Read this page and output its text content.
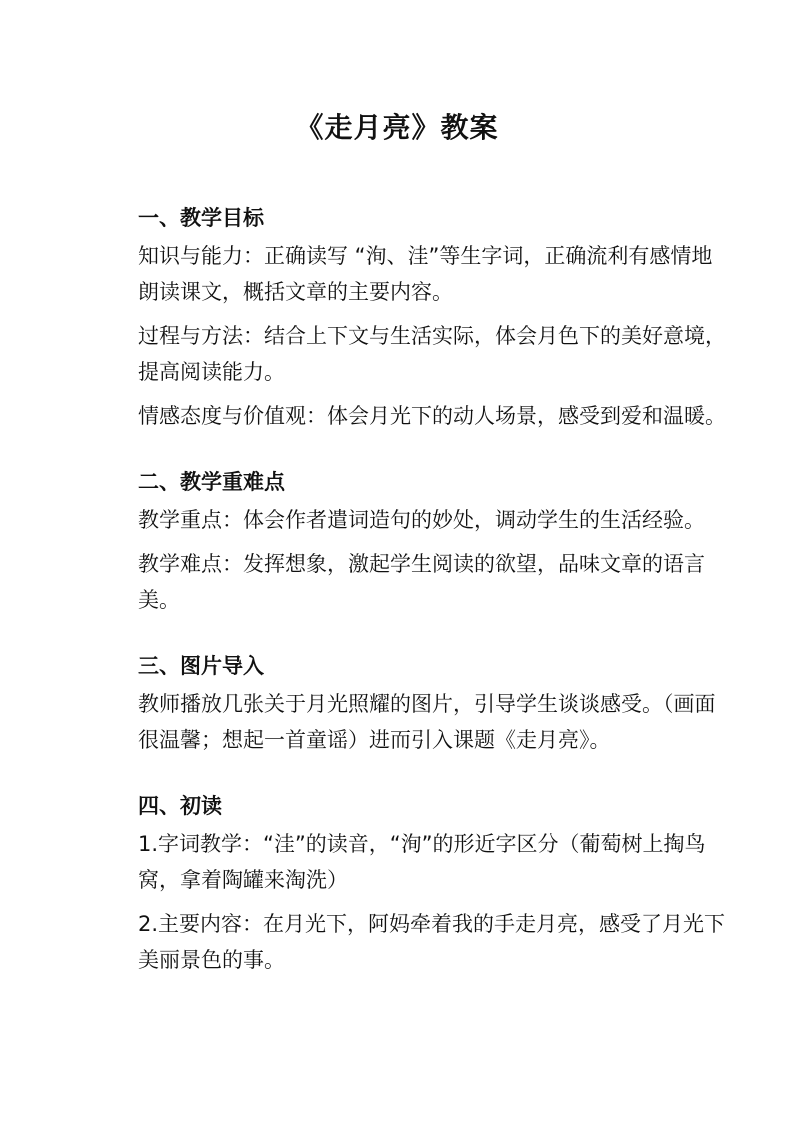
《走月亮》教案
一、教学目标
知识与能力：正确读写 “洵、洼”等生字词，正确流利有感情地朗读课文，概括文章的主要内容。
过程与方法：结合上下文与生活实际，体会月色下的美好意境，提高阅读能力。
情感态度与价值观：体会月光下的动人场景，感受到爱和温暖。
二、教学重难点
教学重点：体会作者遣词造句的妙处，调动学生的生活经验。
教学难点：发挥想象，激起学生阅读的欲望，品味文章的语言美。
三、图片导入
教师播放几张关于月光照耀的图片，引导学生谈谈感受。（画面很温馨；想起一首童谣）进而引入课题《走月亮》。
四、初读
1.字词教学：“洼”的读音，“洵”的形近字区分（葡萄树上掏鸟窝，拿着陶罐来淘洗）
2.主要内容：在月光下，阿妈牵着我的手走月亮，感受了月光下美丽景色的事。
